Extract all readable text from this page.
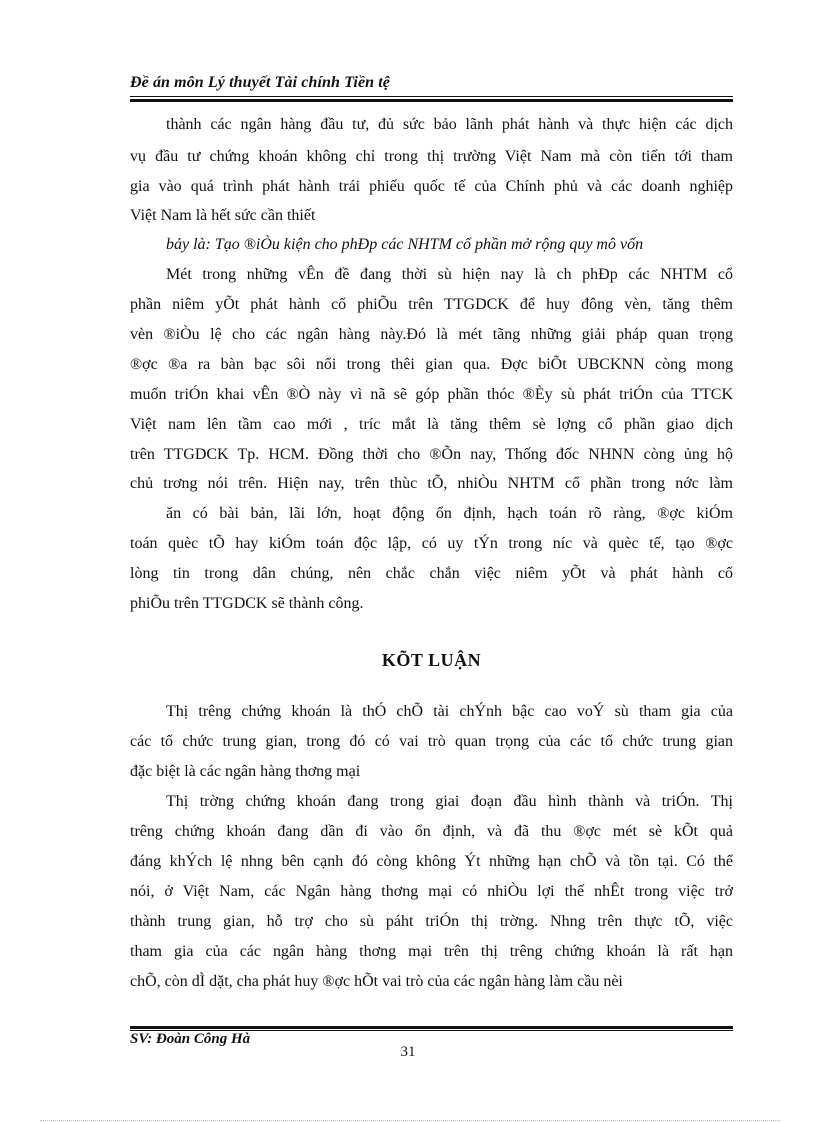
Đề án môn Lý thuyết Tài chính Tiền tệ
thành các ngân hàng đầu tư, đủ sức bảo lãnh phát hành và thực hiện các dịch
vụ đầu tư chứng khoán không chỉ trong thị trường Việt Nam mà còn tiến tới tham
gia vào quá trình phát hành trái phiếu quốc tế của Chính phủ và các doanh nghiệp
Việt Nam là hết sức cần thiết
bảy là: Tạo ®iÒu kiện cho phÐp các NHTM cổ phần mở rộng quy mô vốn
Mét trong những vÊn đề đang thời sù hiện nay là ch phÐp các NHTM cổ
phần niêm yÕt phát hành cổ phiÕu trên TTGDCK để huy đông vèn, tăng thêm
vèn ®iÒu lệ cho các ngân hàng này.Đó là mét tãng những giải pháp quan trọng
®ợc ®a ra bàn bạc sôi nổi trong thêi gian qua. Đợc biÕt UBCKNN còng mong
muốn triÓn khai vÊn ®Ò này vì nã sẽ góp phần thóc ®Èy sù phát triÓn của TTCK
Việt nam lên tầm cao mới , tríc mắt là tăng thêm sè lợng cổ phần giao dịch
trên TTGDCK Tp. HCM. Đồng thời cho ®Õn nay, Thống đốc NHNN còng ủng hộ
chủ trơng nói trên. Hiện nay, trên thùc tÕ, nhiÒu NHTM cổ phần trong nớc làm
ăn có bài bản, lãi lớn, hoạt động ổn định, hạch toán rõ ràng, ®ợc kiÓm
toán quèc tÕ hay kiÓm toán độc lập, có uy tÝn trong níc và quèc tế, tạo ®ợc
lòng tin trong dân chúng, nên chắc chắn việc niêm yÕt và phát hành cổ
phiÕu trên TTGDCK sẽ thành công.
KÕT LUẬN
Thị trêng chứng khoán là thÓ chÕ tài chÝnh bậc cao voÝ sù tham gia của
các tổ chức trung gian, trong đó có vai trò quan trọng của các tổ chức trung gian
đặc biệt là các ngân hàng thơng mại
Thị trờng chứng khoán đang trong giai đoạn đầu hình thành và triÓn. Thị
trêng chứng khoán đang dần đi vào ổn định, và đã thu ®ợc mét sè kÕt quả
đáng khÝch lệ nhng bên cạnh đó còng không Ýt những hạn chÕ và tồn tại. Có thể
nói, ở Việt Nam, các Ngân hàng thơng mại có nhiÒu lợi thế nhÊt trong việc trở
thành trung gian, hỗ trợ cho sù páht triÓn thị trờng. Nhng trên thực tÕ, việc
tham gia của các ngân hàng thơng mại trên thị trêng chứng khoán là rất hạn
chÕ, còn dÌ dặt, cha phát huy ®ợc hÕt vai trò của các ngân hàng làm cầu nèi
SV: Đoàn Công Hà
31
